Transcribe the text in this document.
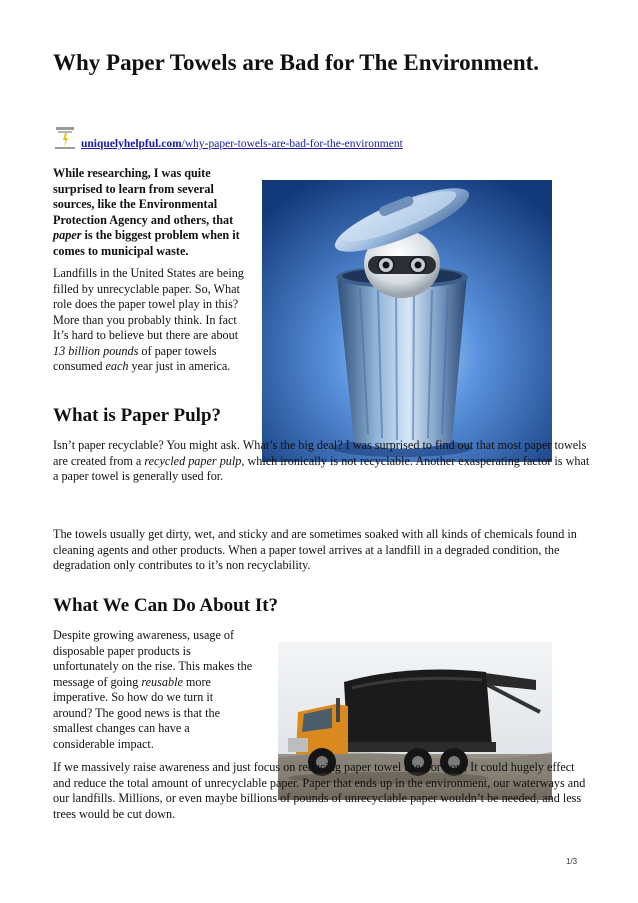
Why Paper Towels are Bad for The Environment.
uniquelyhelpful.com/why-paper-towels-are-bad-for-the-environment

While researching, I was quite surprised to learn from several sources, like the Environmental Protection Agency and others, that paper is the biggest problem when it comes to municipal waste.

Landfills in the United States are being filled by unrecyclable paper. So, What role does the paper towel play in this? More than you probably think. In fact It’s hard to believe but there are about 13 billion pounds of paper towels consumed each year just in america.

What is Paper Pulp?

Isn’t paper recyclable? You might ask. What’s the big deal? I was surprised to find out that most paper towels are created from a recycled paper pulp, which ironically is not recyclable. Another exasperating factor is what a paper towel is generally used for.

The towels usually get dirty, wet, and sticky and are sometimes soaked with all kinds of chemicals found in cleaning agents and other products. When a paper towel arrives at a landfill in a degraded condition, the degradation only contributes to it’s non recyclability.

What We Can Do About It?

Despite growing awareness, usage of disposable paper products is unfortunately on the rise. This makes the message of going reusable more imperative. So how do we turn it around? The good news is that the smallest changes can have a considerable impact.

If we massively raise awareness and just focus on reducing paper towel use, for now, It could hugely effect and reduce the total amount of unrecyclable paper. Paper that ends up in the environment, our waterways and our landfills. Millions, or even maybe billions of pounds of unrecyclable paper wouldn’t be needed, and less trees would be cut down.

1/3
